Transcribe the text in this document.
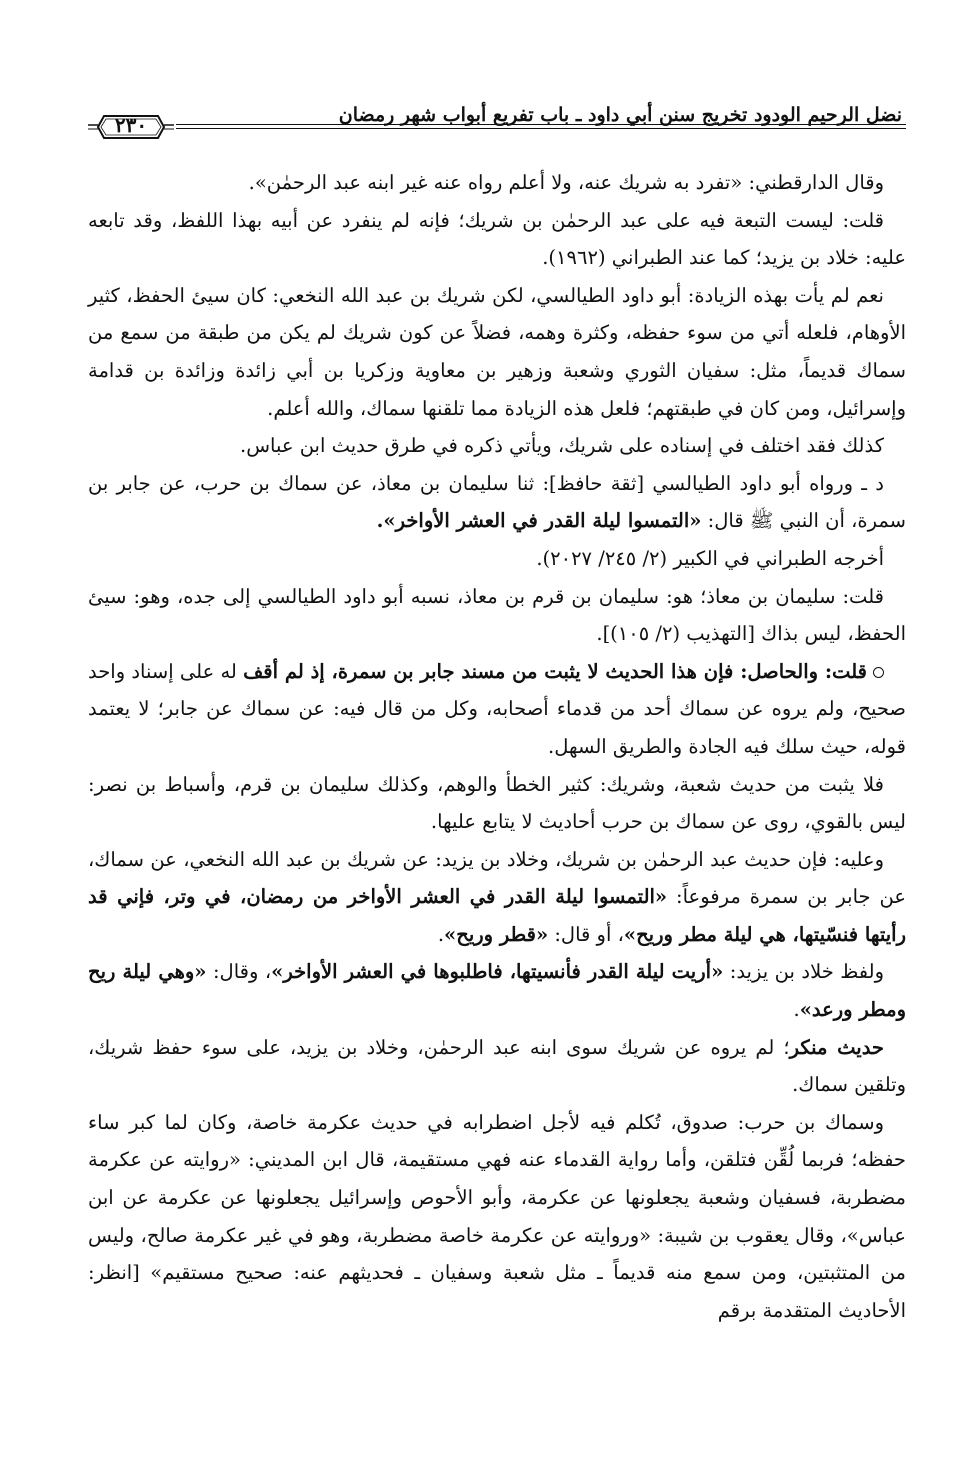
نضل الرحيم الودود تخريج سنن أبي داود ـ باب تفريع أبواب شهر رمضان
٢٣٠

وقال الدارقطني: «تفرد به شريك عنه، ولا أعلم رواه عنه غير ابنه عبد الرحمٰن».

قلت: ليست التبعة فيه على عبد الرحمٰن بن شريك؛ فإنه لم ينفرد عن أبيه بهذا اللفظ، وقد تابعه عليه: خلاد بن يزيد؛ كما عند الطبراني (١٩٦٢).

نعم لم يأت بهذه الزيادة: أبو داود الطيالسي، لكن شريك بن عبد الله النخعي: كان سيئ الحفظ، كثير الأوهام، فلعله أتي من سوء حفظه، وكثرة وهمه، فضلاً عن كون شريك لم يكن من طبقة من سمع من سماك قديماً، مثل: سفيان الثوري وشعبة وزهير بن معاوية وزكريا بن أبي زائدة وزائدة بن قدامة وإسرائيل، ومن كان في طبقتهم؛ فلعل هذه الزيادة مما تلقنها سماك، والله أعلم.

كذلك فقد اختلف في إسناده على شريك، ويأتي ذكره في طرق حديث ابن عباس.

د ـ ورواه أبو داود الطيالسي [ثقة حافظ]: ثنا سليمان بن معاذ، عن سماك بن حرب، عن جابر بن سمرة، أن النبي ﷺ قال: «التمسوا ليلة القدر في العشر الأواخر».

أخرجه الطبراني في الكبير (٢/ ٢٤٥/ ٢٠٢٧).

قلت: سليمان بن معاذ؛ هو: سليمان بن قرم بن معاذ، نسبه أبو داود الطيالسي إلى جده، وهو: سيئ الحفظ، ليس بذاك [التهذيب (٢/ ١٠٥)].

قلت: والحاصل: فإن هذا الحديث لا يثبت من مسند جابر بن سمرة، إذ لم أقف له على إسناد واحد صحيح، ولم يروه عن سماك أحد من قدماء أصحابه، وكل من قال فيه: عن سماك عن جابر؛ لا يعتمد قوله، حيث سلك فيه الجادة والطريق السهل.

فلا يثبت من حديث شعبة، وشريك: كثير الخطأ والوهم، وكذلك سليمان بن قرم، وأسباط بن نصر: ليس بالقوي، روى عن سماك بن حرب أحاديث لا يتابع عليها.

وعليه: فإن حديث عبد الرحمٰن بن شريك، وخلاد بن يزيد: عن شريك بن عبد الله النخعي، عن سماك، عن جابر بن سمرة مرفوعاً: «التمسوا ليلة القدر في العشر الأواخر من رمضان، في وتر، فإني قد رأيتها فنسّيتها، هي ليلة مطر وريح»، أو قال: «قطر وريح».

ولفظ خلاد بن يزيد: «أريت ليلة القدر فأنسيتها، فاطلبوها في العشر الأواخر»، وقال: «وهي ليلة ريح ومطر ورعد».

حديث منكر؛ لم يروه عن شريك سوى ابنه عبد الرحمٰن، وخلاد بن يزيد، على سوء حفظ شريك، وتلقين سماك.

وسماك بن حرب: صدوق، تُكلم فيه لأجل اضطرابه في حديث عكرمة خاصة، وكان لما كبر ساء حفظه؛ فربما لُقِّن فتلقن، وأما رواية القدماء عنه فهي مستقيمة، قال ابن المديني: «روايته عن عكرمة مضطربة، فسفيان وشعبة يجعلونها عن عكرمة، وأبو الأحوص وإسرائيل يجعلونها عن عكرمة عن ابن عباس»، وقال يعقوب بن شيبة: «وروايته عن عكرمة خاصة مضطربة، وهو في غير عكرمة صالح، وليس من المتثبتين، ومن سمع منه قديماً ـ مثل شعبة وسفيان ـ فحديثهم عنه: صحيح مستقيم» [انظر: الأحاديث المتقدمة برقم
